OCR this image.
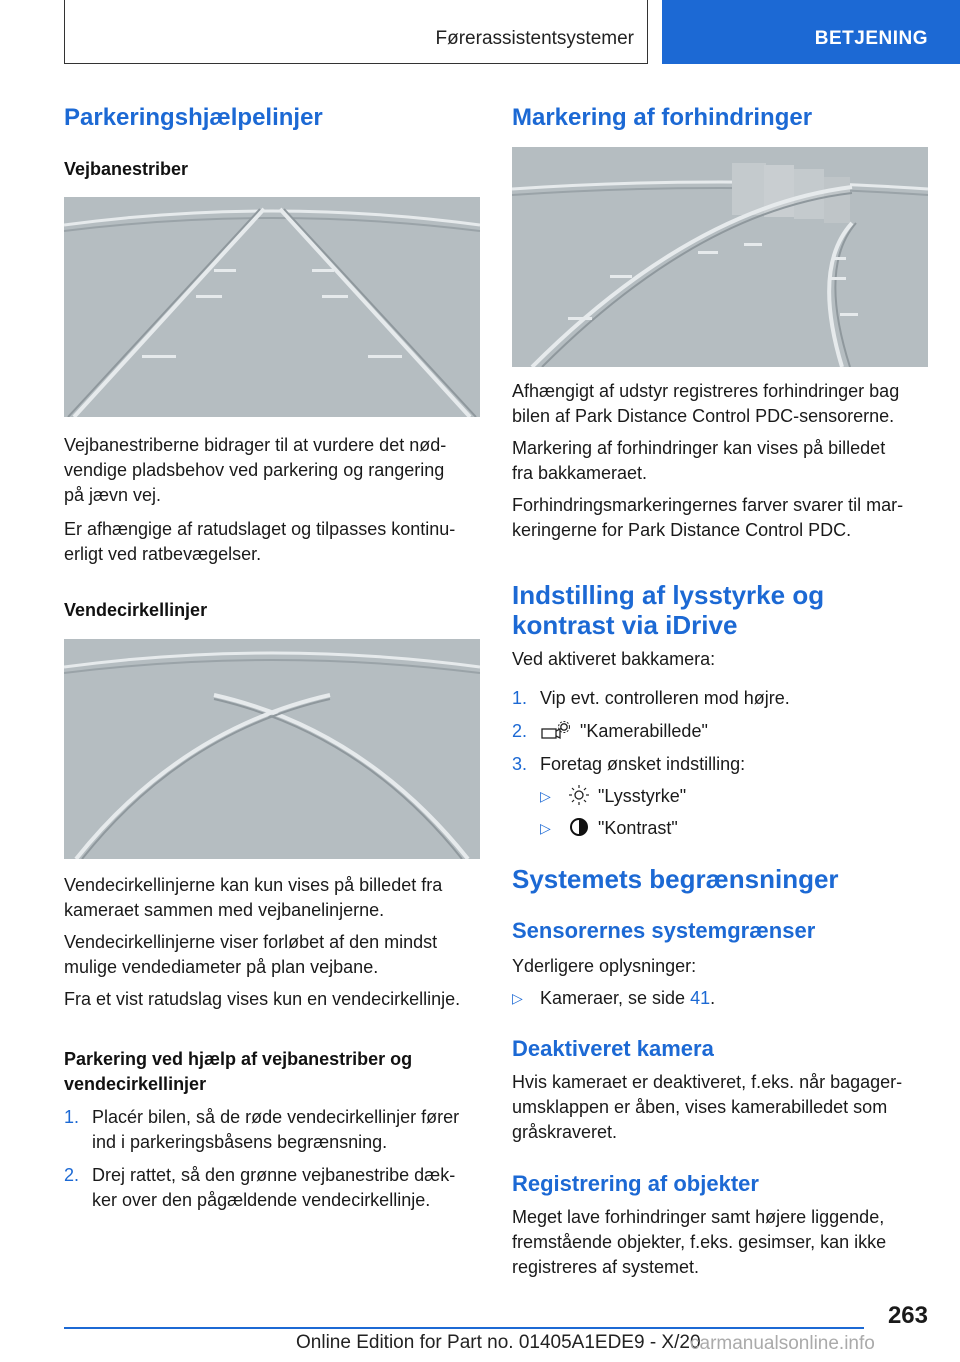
Førerassistentsystemer	BETJENING
Parkeringshjælpelinjer
Vejbanestriber

Vejbanestriberne bidrager til at vurdere det nød-

vendige pladsbehov ved parkering og rangering

på jævn vej.

Er afhængige af ratudslaget og tilpasses kontinu-

erligt ved ratbevægelser.

Vendecirkellinjer

Vendecirkellinjerne kan kun vises på billedet fra

kameraet sammen med vejbanelinjerne.

Vendecirkellinjerne viser forløbet af den mindst

mulige vendediameter på plan vejbane.

Fra et vist ratudslag vises kun en vendecirkellinje.

Parkering ved hjælp af vejbanestriber og
vendecirkellinjer
1. Placér bilen, så de røde vendecirkellinjer fører

ind i parkeringsbåsens begrænsning.

2. Drej rattet, så den grønne vejbanestribe dæk-

ker over den pågældende vendecirkellinje.

Markering af forhindringer

Afhængigt af udstyr registreres forhindringer bag

bilen af Park Distance Control PDC-sensorerne.

Markering af forhindringer kan vises på billedet

fra bakkameraet.

Forhindringsmarkeringernes farver svarer til mar-

keringerne for Park Distance Control PDC.

Indstilling af lysstyrke og
kontrast via iDrive
Ved aktiveret bakkamera:
1. Vip evt. controlleren mod højre.

2.	"Kamerabillede"

3. Foretag ønsket indstilling:

▷	"Lysstyrke"

▷	"Kontrast"

Systemets begrænsninger
Sensorernes systemgrænser
Yderligere oplysninger:
▷ Kameraer, se side 41.

Deaktiveret kamera

Hvis kameraet er deaktiveret, f.eks. når bagager-

umsklappen er åben, vises kamerabilledet som

gråskraveret.

Registrering af objekter

Meget lave forhindringer samt højere liggende,

fremstående objekter, f.eks. gesimser, kan ikke

registreres af systemet.

263
Online Edition for Part no. 01405A1EDE9 - X/20
carmanualsonline.info
